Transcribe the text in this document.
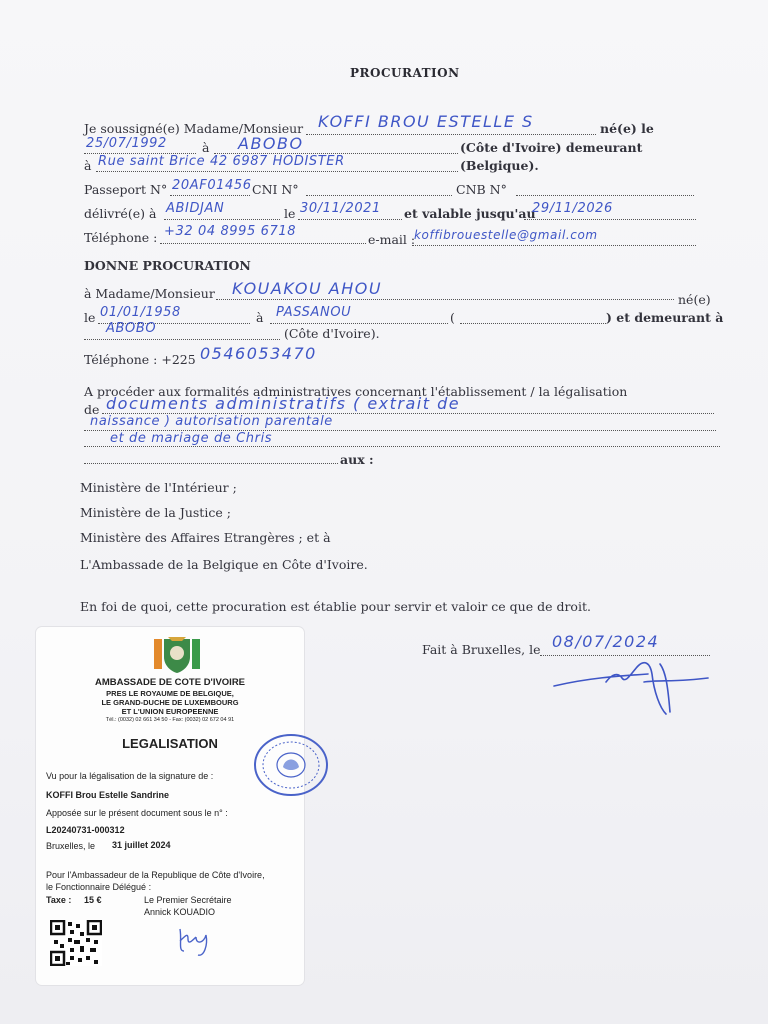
PROCURATION
Je soussigné(e) Madame/Monsieur KOFFI BROU ESTELLE S	né(e) le
25/07/1992	à ABOBO	(Côte d'Ivoire) demeurant
à Rue saint Brice 42 6987 HODISTER	(Belgique).
Passeport N° 20AF01456 CNI N°	CNB N°
délivré(e) à ABIDJAN	le 30/11/2021 et valable jusqu'au
29/11/2026
Téléphone : +32 04 8995 6718
e-mail :
koffibrouestelle@gmail.com
DONNE PROCURATION
à Madame/Monsieur KOUAKOU AHOU
né(e)
le 01/01/1958	à PASSANOU	(	) et demeurant à
ABOBO	(Côte d'Ivoire).
Téléphone : +225 0546053470
A procéder aux formalités administratives concernant l'établissement / la légalisation
de documents administratifs ( extrait de
naissance ) autorisation parentale
et de mariage de Chris
aux :
Ministère de l'Intérieur ;
Ministère de la Justice ;
Ministère des Affaires Etrangères ; et à
L'Ambassade de la Belgique en Côte d'Ivoire.
En foi de quoi, cette procuration est établie pour servir et valoir ce que de droit.
Fait à Bruxelles, le 08/07/2024
AMBASSADE DE COTE D'IVOIRE
PRES LE ROYAUME DE BELGIQUE,
LE GRAND-DUCHE DE LUXEMBOURG
ET L'UNION EUROPEENNE
Tél.: (0032) 02 661 34 50 - Fax: (0032) 02 672 04 91
LEGALISATION
Vu pour la légalisation de la signature de :
KOFFI Brou Estelle Sandrine
Apposée sur le présent document sous le n° :
L20240731-000312
Bruxelles, le 31 juillet 2024
Pour l'Ambassadeur de la Republique de Côte d'Ivoire,
le Fonctionnaire Délégué :
Taxe : 15 €	Le Premier Secrétaire
Annick KOUADIO
